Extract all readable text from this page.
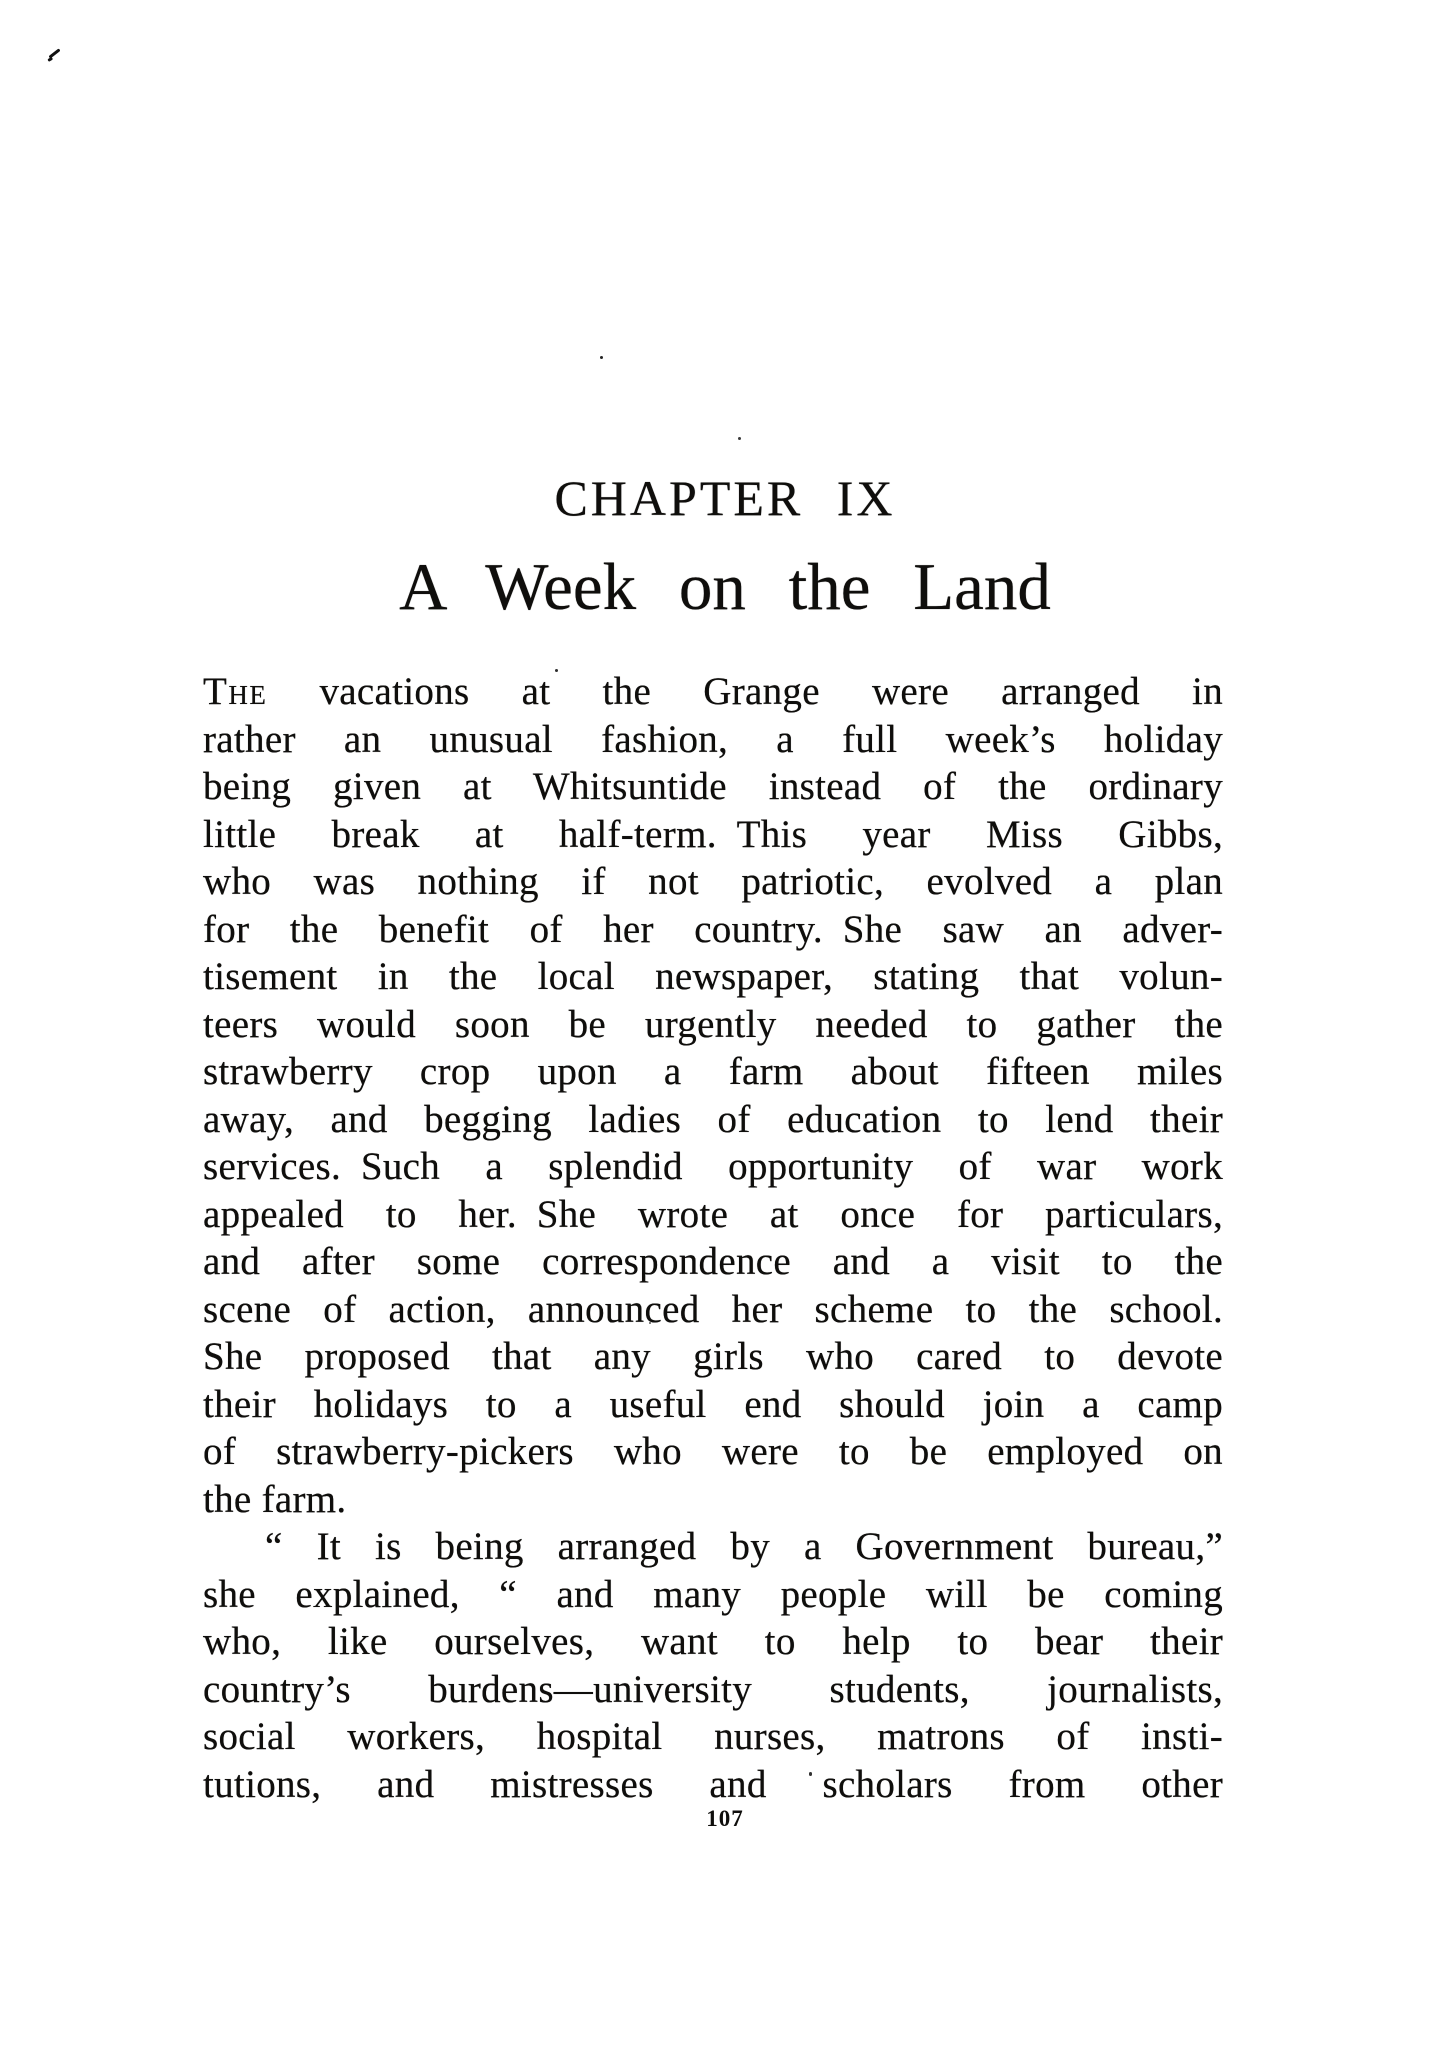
CHAPTER IX
A Week on the Land
The vacations at the Grange were arranged in
rather an unusual fashion, a full week’s holiday
being given at Whitsuntide instead of the ordinary
little break at half-term. This year Miss Gibbs,
who was nothing if not patriotic, evolved a plan
for the benefit of her country. She saw an adver-
tisement in the local newspaper, stating that volun-
teers would soon be urgently needed to gather the
strawberry crop upon a farm about fifteen miles
away, and begging ladies of education to lend their
services. Such a splendid opportunity of war work
appealed to her. She wrote at once for particulars,
and after some correspondence and a visit to the
scene of action, announced her scheme to the school.
She proposed that any girls who cared to devote
their holidays to a useful end should join a camp
of strawberry-pickers who were to be employed on
the farm.
“ It is being arranged by a Government bureau,”
she explained, “ and many people will be coming
who, like ourselves, want to help to bear their
country’s burdens—university students, journalists,
social workers, hospital nurses, matrons of insti-
tutions, and mistresses and scholars from other
107
